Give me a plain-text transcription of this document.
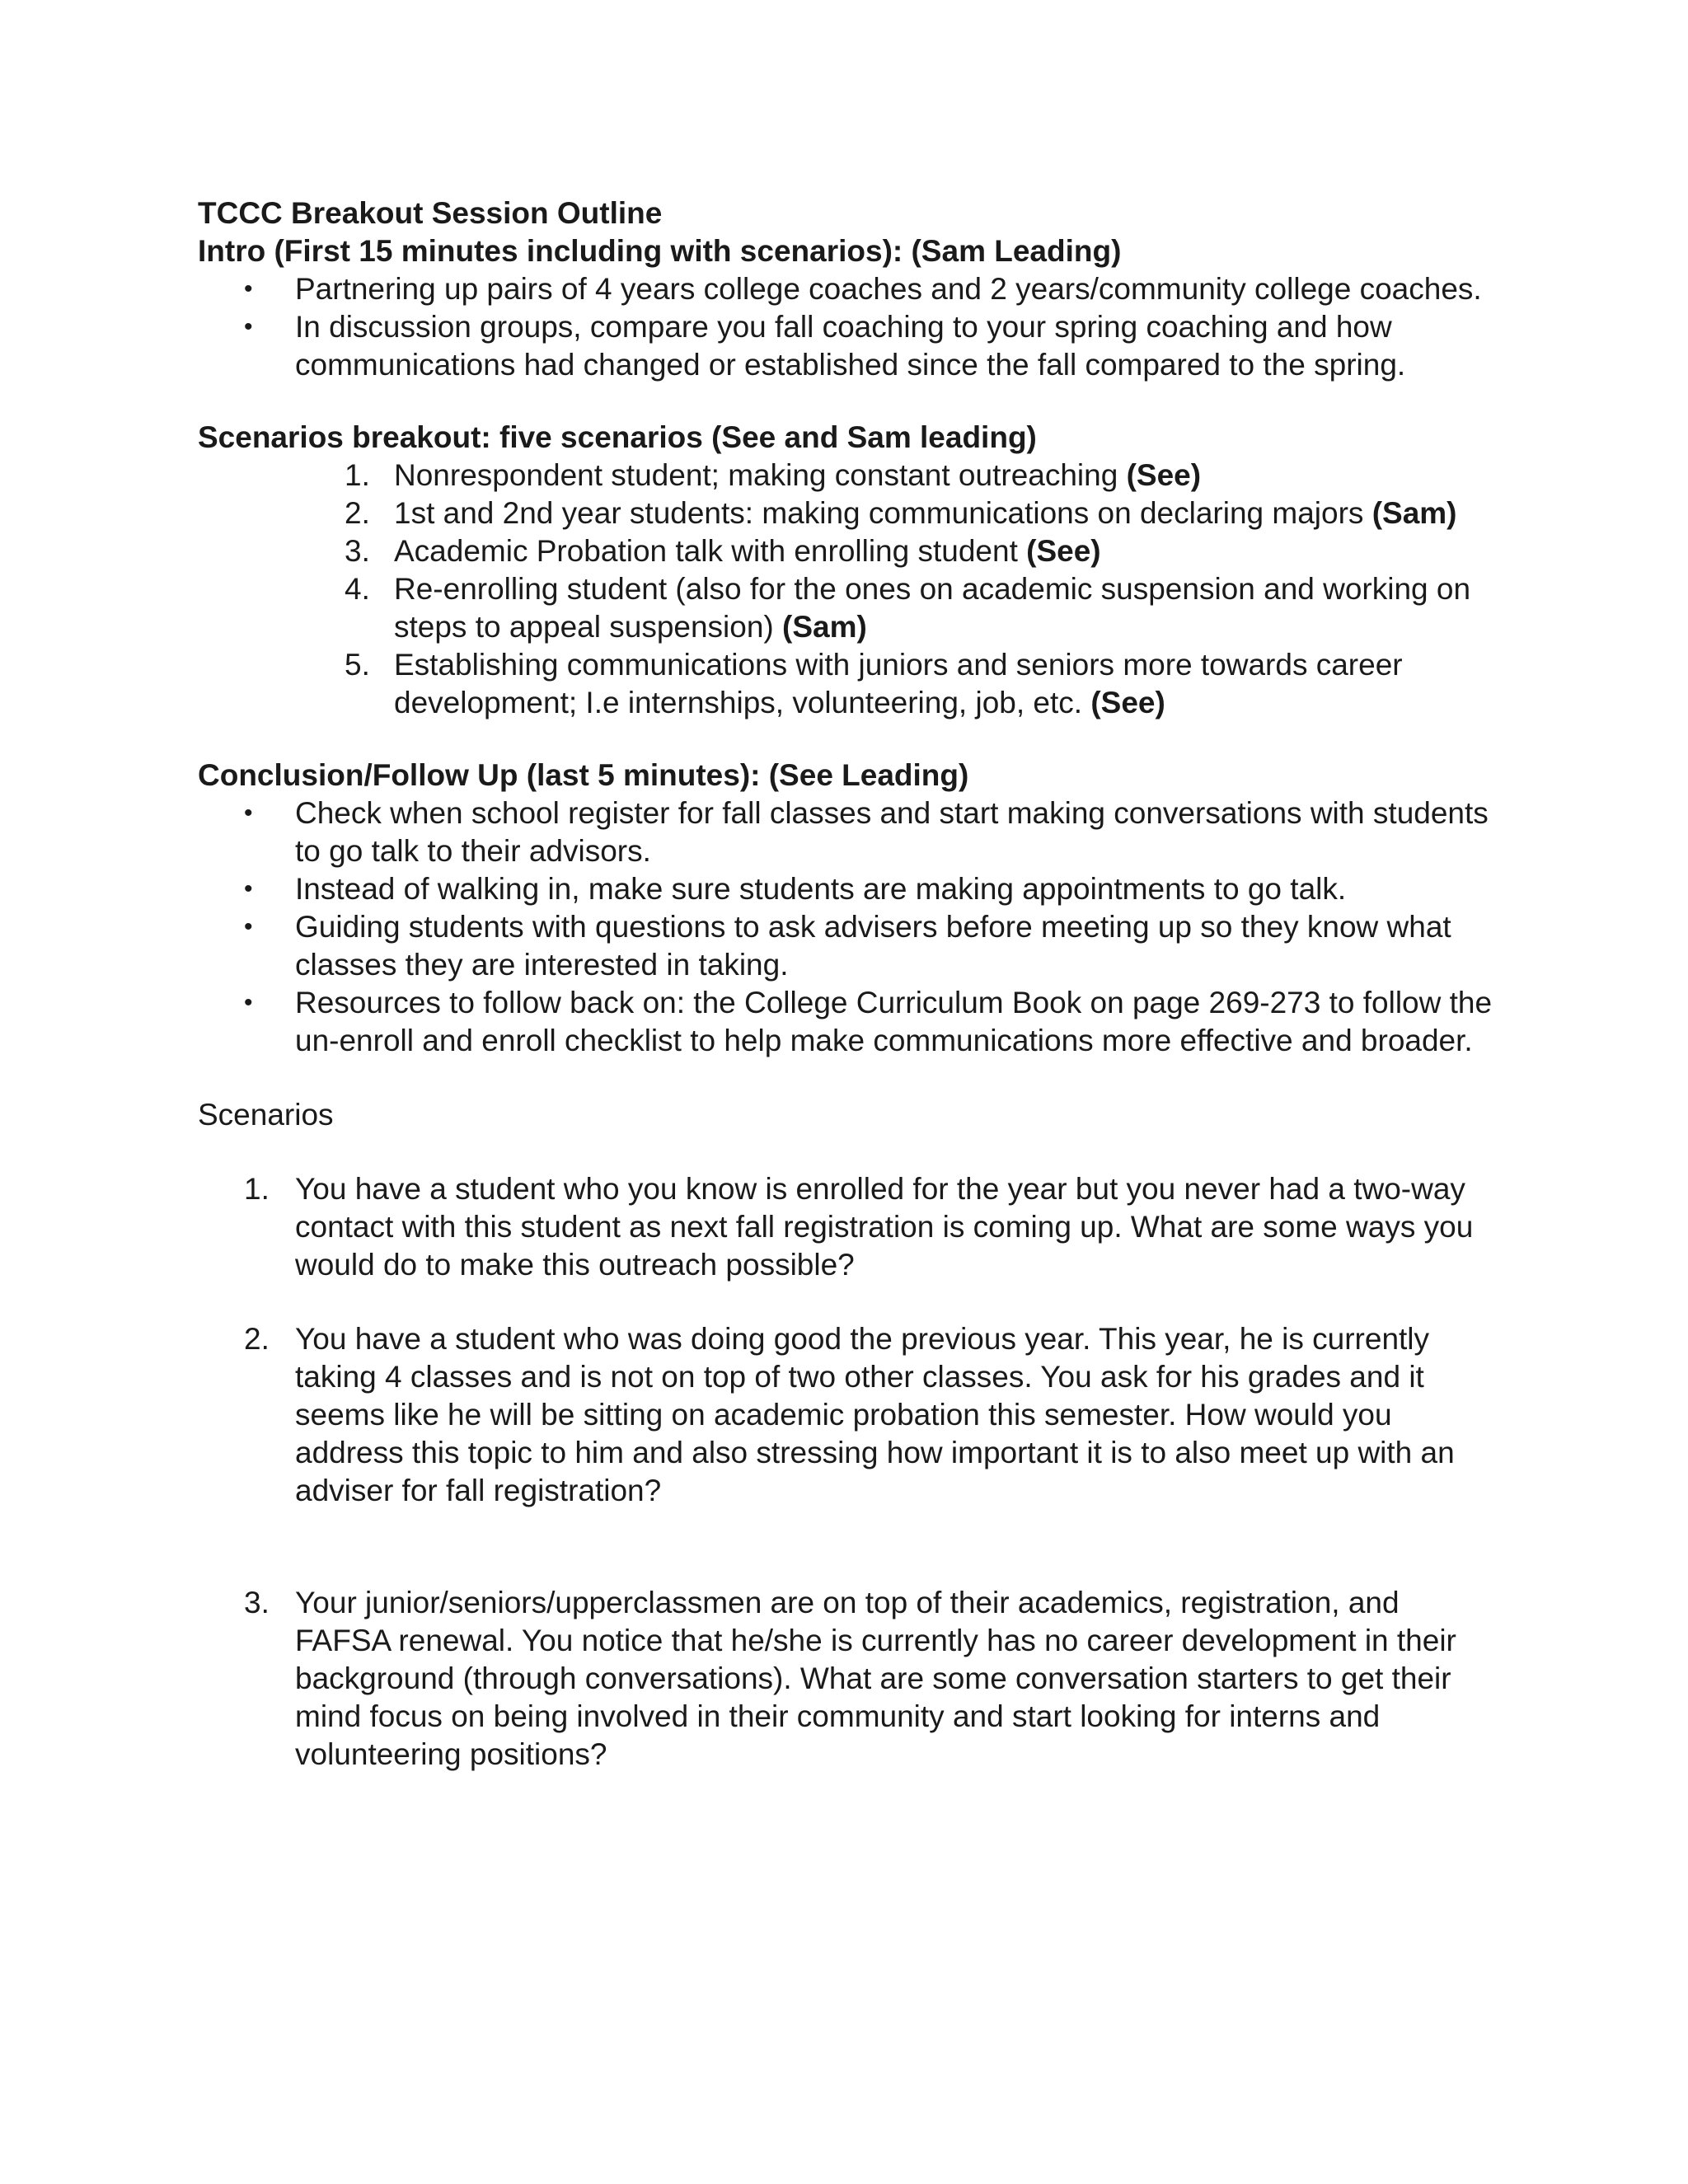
TCCC Breakout Session Outline

Intro (First 15 minutes including with scenarios): (Sam Leading)

• Partnering up pairs of 4 years college coaches and 2 years/community college coaches.
• In discussion groups, compare you fall coaching to your spring coaching and how communications had changed or established since the fall compared to the spring.

Scenarios breakout: five scenarios (See and Sam leading)

1. Nonrespondent student; making constant outreaching (See)
2. 1st and 2nd year students: making communications on declaring majors (Sam)
3. Academic Probation talk with enrolling student (See)
4. Re-enrolling student (also for the ones on academic suspension and working on steps to appeal suspension) (Sam)
5. Establishing communications with juniors and seniors more towards career development; I.e internships, volunteering, job, etc. (See)

Conclusion/Follow Up (last 5 minutes): (See Leading)

• Check when school register for fall classes and start making conversations with students to go talk to their advisors.
• Instead of walking in, make sure students are making appointments to go talk.
• Guiding students with questions to ask advisers before meeting up so they know what classes they are interested in taking.
• Resources to follow back on: the College Curriculum Book on page 269-273 to follow the un-enroll and enroll checklist to help make communications more effective and broader.

Scenarios

1. You have a student who you know is enrolled for the year but you never had a two-way contact with this student as next fall registration is coming up. What are some ways you would do to make this outreach possible?
2. You have a student who was doing good the previous year. This year, he is currently taking 4 classes and is not on top of two other classes. You ask for his grades and it seems like he will be sitting on academic probation this semester. How would you address this topic to him and also stressing how important it is to also meet up with an adviser for fall registration?
3. Your junior/seniors/upperclassmen are on top of their academics, registration, and FAFSA renewal. You notice that he/she is currently has no career development in their background (through conversations). What are some conversation starters to get their mind focus on being involved in their community and start looking for interns and volunteering positions?
